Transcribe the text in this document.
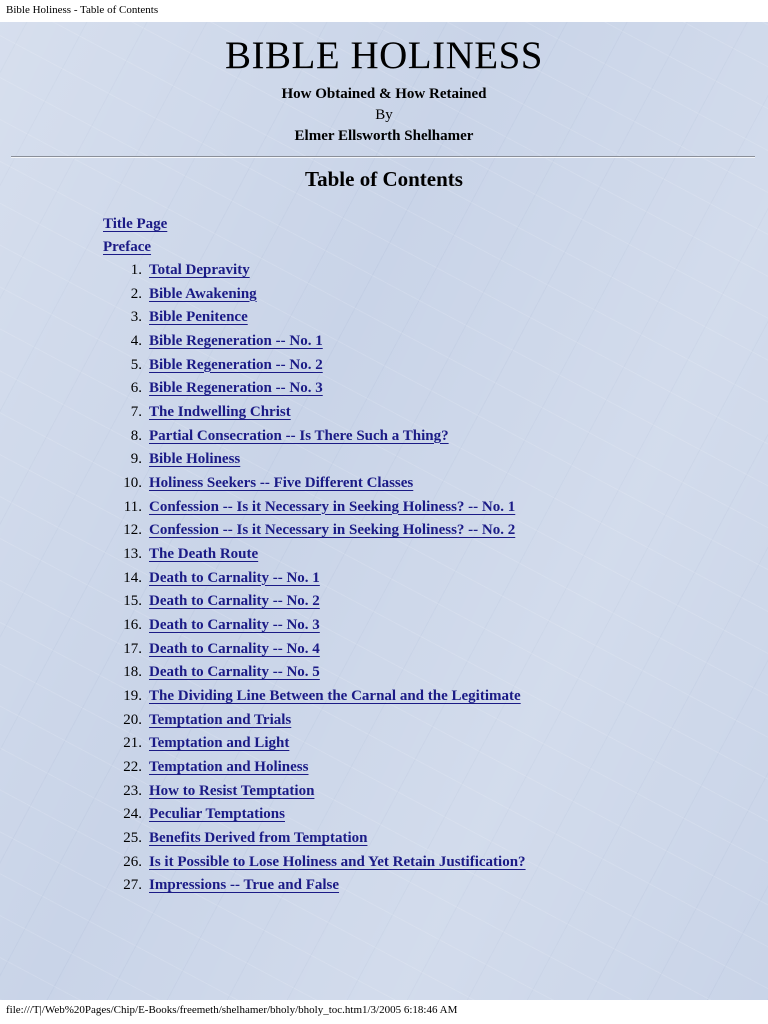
Bible Holiness - Table of Contents
BIBLE HOLINESS
How Obtained & How Retained
By
Elmer Ellsworth Shelhamer
Table of Contents
Title Page
Preface
1. Total Depravity
2. Bible Awakening
3. Bible Penitence
4. Bible Regeneration -- No. 1
5. Bible Regeneration -- No. 2
6. Bible Regeneration -- No. 3
7. The Indwelling Christ
8. Partial Consecration -- Is There Such a Thing?
9. Bible Holiness
10. Holiness Seekers -- Five Different Classes
11. Confession -- Is it Necessary in Seeking Holiness? -- No. 1
12. Confession -- Is it Necessary in Seeking Holiness? -- No. 2
13. The Death Route
14. Death to Carnality -- No. 1
15. Death to Carnality -- No. 2
16. Death to Carnality -- No. 3
17. Death to Carnality -- No. 4
18. Death to Carnality -- No. 5
19. The Dividing Line Between the Carnal and the Legitimate
20. Temptation and Trials
21. Temptation and Light
22. Temptation and Holiness
23. How to Resist Temptation
24. Peculiar Temptations
25. Benefits Derived from Temptation
26. Is it Possible to Lose Holiness and Yet Retain Justification?
27. Impressions -- True and False
file:///T|/Web%20Pages/Chip/E-Books/freemeth/shelhamer/bholy/bholy_toc.htm1/3/2005 6:18:46 AM
